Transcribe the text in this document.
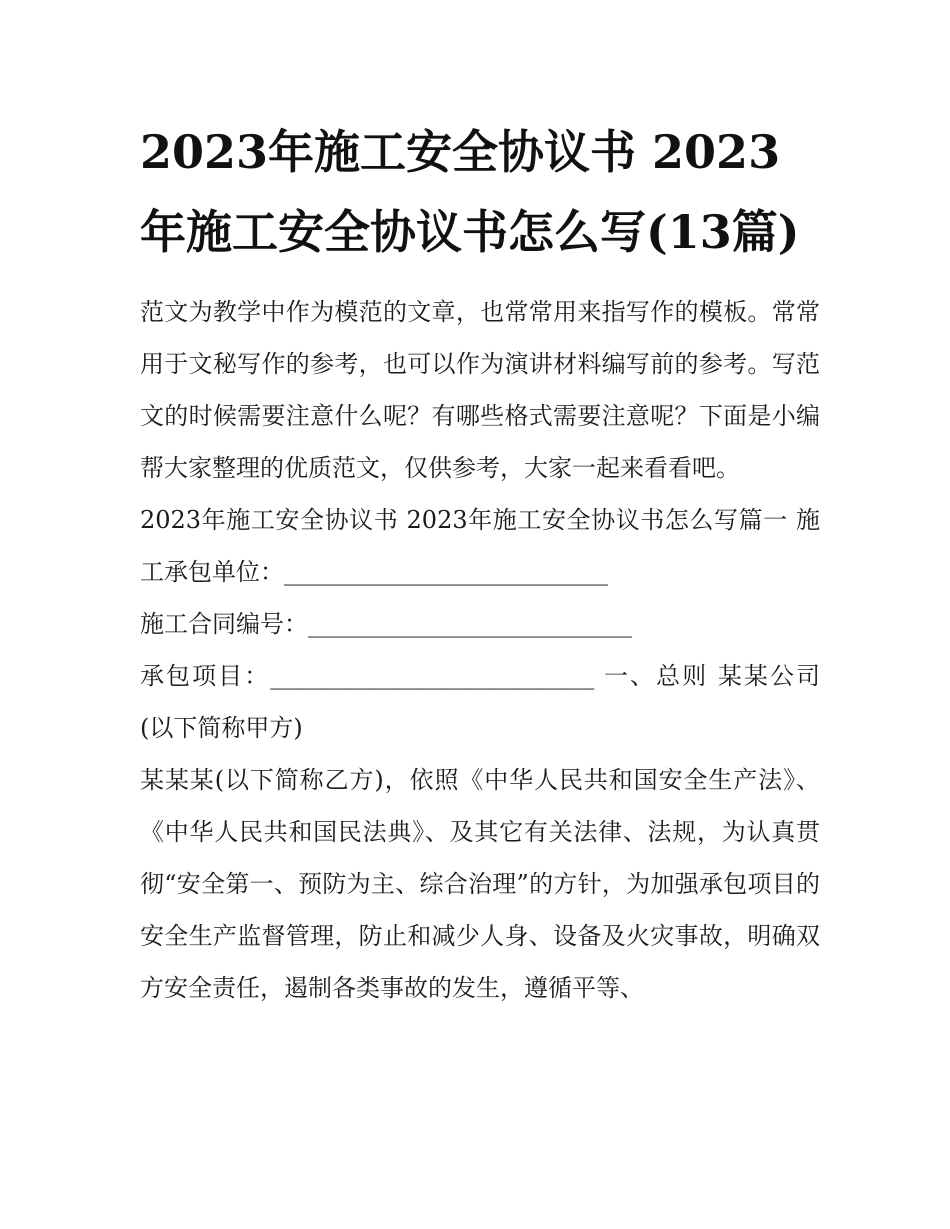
2023年施工安全协议书 2023年施工安全协议书怎么写(13篇)

范文为教学中作为模范的文章，也常常用来指写作的模板。常常用于文秘写作的参考，也可以作为演讲材料编写前的参考。写范文的时候需要注意什么呢？有哪些格式需要注意呢？下面是小编帮大家整理的优质范文，仅供参考，大家一起来看看吧。

2023年施工安全协议书 2023年施工安全协议书怎么写篇一 施工承包单位：___________________________

施工合同编号：___________________________

承包项目：___________________________ 一、总则 某某公司(以下简称甲方)

某某某(以下简称乙方)，依照《中华人民共和国安全生产法》、《中华人民共和国民法典》、及其它有关法律、法规，为认真贯彻“安全第一、预防为主、综合治理”的方针，为加强承包项目的安全生产监督管理，防止和减少人身、设备及火灾事故，明确双方安全责任，遏制各类事故的发生，遵循平等、
